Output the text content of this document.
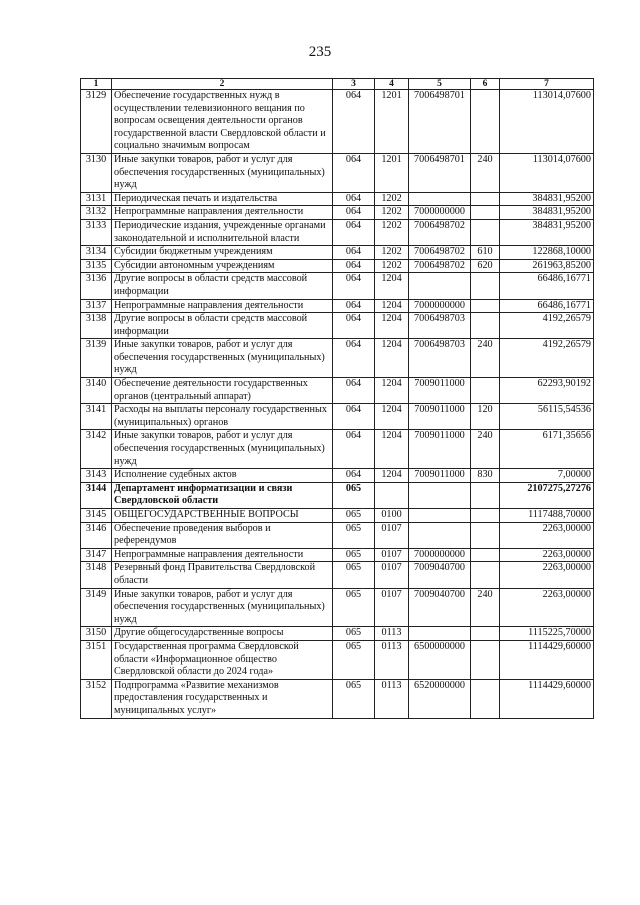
235
1	2	3	4	5	6	7
3129	Обеспечение государственных нужд в осуществлении телевизионного вещания по вопросам освещения деятельности органов государственной власти Свердловской области и социально значимым вопросам	064	1201	7006498701		113014,07600
3130	Иные закупки товаров, работ и услуг для обеспечения государственных (муниципальных) нужд	064	1201	7006498701	240	113014,07600
3131	Периодическая печать и издательства	064	1202			384831,95200
3132	Непрограммные направления деятельности	064	1202	7000000000		384831,95200
3133	Периодические издания, учрежденные органами законодательной и исполнительной власти	064	1202	7006498702		384831,95200
3134	Субсидии бюджетным учреждениям	064	1202	7006498702	610	122868,10000
3135	Субсидии автономным учреждениям	064	1202	7006498702	620	261963,85200
3136	Другие вопросы в области средств массовой информации	064	1204			66486,16771
3137	Непрограммные направления деятельности	064	1204	7000000000		66486,16771
3138	Другие вопросы в области средств массовой информации	064	1204	7006498703		4192,26579
3139	Иные закупки товаров, работ и услуг для обеспечения государственных (муниципальных) нужд	064	1204	7006498703	240	4192,26579
3140	Обеспечение деятельности государственных органов (центральный аппарат)	064	1204	7009011000		62293,90192
3141	Расходы на выплаты персоналу государственных (муниципальных) органов	064	1204	7009011000	120	56115,54536
3142	Иные закупки товаров, работ и услуг для обеспечения государственных (муниципальных) нужд	064	1204	7009011000	240	6171,35656
3143	Исполнение судебных актов	064	1204	7009011000	830	7,00000
3144	Департамент информатизации и связи Свердловской области	065				2107275,27276
3145	ОБЩЕГОСУДАРСТВЕННЫЕ ВОПРОСЫ	065	0100			1117488,70000
3146	Обеспечение проведения выборов и референдумов	065	0107			2263,00000
3147	Непрограммные направления деятельности	065	0107	7000000000		2263,00000
3148	Резервный фонд Правительства Свердловской области	065	0107	7009040700		2263,00000
3149	Иные закупки товаров, работ и услуг для обеспечения государственных (муниципальных) нужд	065	0107	7009040700	240	2263,00000
3150	Другие общегосударственные вопросы	065	0113			1115225,70000
3151	Государственная программа Свердловской области «Информационное общество Свердловской области до 2024 года»	065	0113	6500000000		1114429,60000
3152	Подпрограмма «Развитие механизмов предоставления государственных и муниципальных услуг»	065	0113	6520000000		1114429,60000
